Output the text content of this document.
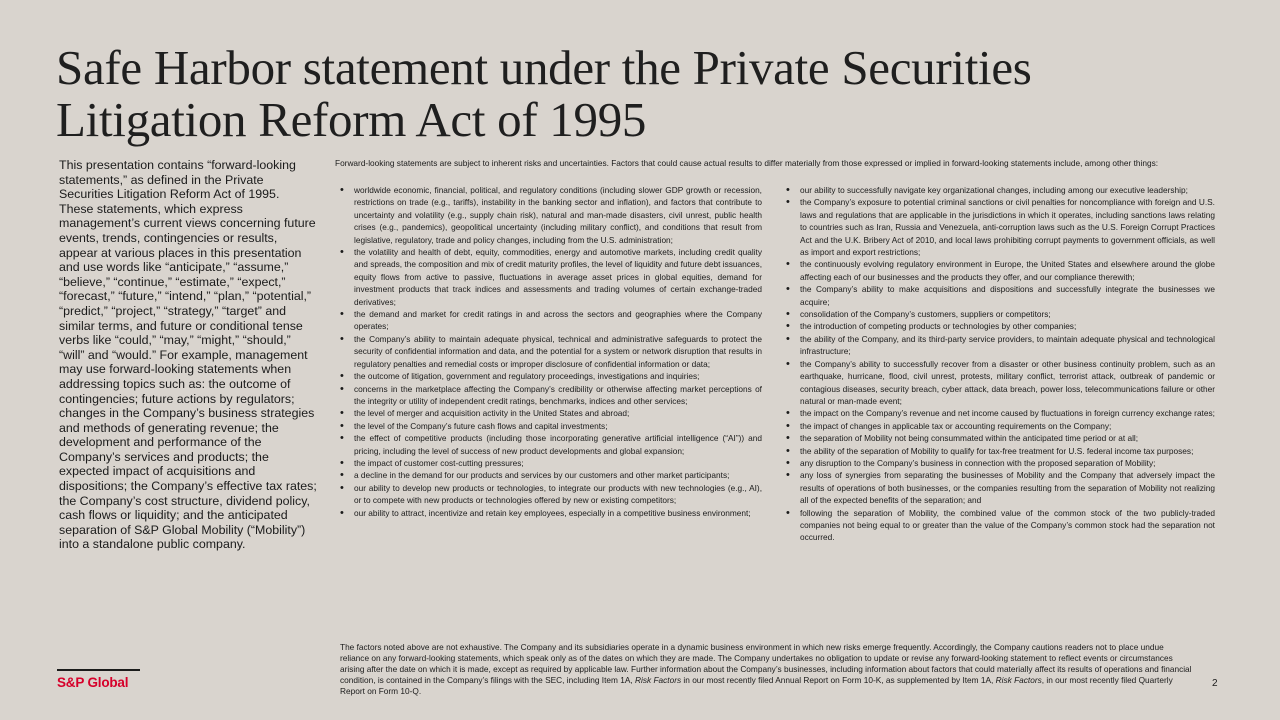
Safe Harbor statement under the Private Securities
Litigation Reform Act of 1995

This presentation contains “forward-looking statements,” as defined in the Private Securities Litigation Reform Act of 1995. These statements, which express management’s current views concerning future events, trends, contingencies or results, appear at various places in this presentation and use words like “anticipate,” “assume,” “believe,” “continue,” “estimate,” “expect,” “forecast,” “future,” “intend,” “plan,” “potential,” “predict,” “project,” “strategy,” “target” and similar terms, and future or conditional tense verbs like “could,” “may,” “might,” “should,” “will” and “would.” For example, management may use forward-looking statements when addressing topics such as: the outcome of contingencies; future actions by regulators; changes in the Company’s business strategies and methods of generating revenue; the development and performance of the Company’s services and products; the expected impact of acquisitions and dispositions; the Company’s effective tax rates; the Company’s cost structure, dividend policy, cash flows or liquidity; and the anticipated separation of S&P Global Mobility (“Mobility”) into a standalone public company.

Forward-looking statements are subject to inherent risks and uncertainties. Factors that could cause actual results to differ materially from those expressed or implied in forward-looking statements include, among other things:

• worldwide economic, financial, political, and regulatory conditions (including slower GDP growth or recession, restrictions on trade (e.g., tariffs), instability in the banking sector and inflation), and factors that contribute to uncertainty and volatility (e.g., supply chain risk), natural and man-made disasters, civil unrest, public health crises (e.g., pandemics), geopolitical uncertainty (including military conflict), and conditions that result from legislative, regulatory, trade and policy changes, including from the U.S. administration;
• the volatility and health of debt, equity, commodities, energy and automotive markets, including credit quality and spreads, the composition and mix of credit maturity profiles, the level of liquidity and future debt issuances, equity flows from active to passive, fluctuations in average asset prices in global equities, demand for investment products that track indices and assessments and trading volumes of certain exchange-traded derivatives;
• the demand and market for credit ratings in and across the sectors and geographies where the Company operates;
• the Company’s ability to maintain adequate physical, technical and administrative safeguards to protect the security of confidential information and data, and the potential for a system or network disruption that results in regulatory penalties and remedial costs or improper disclosure of confidential information or data;
• the outcome of litigation, government and regulatory proceedings, investigations and inquiries;
• concerns in the marketplace affecting the Company’s credibility or otherwise affecting market perceptions of the integrity or utility of independent credit ratings, benchmarks, indices and other services;
• the level of merger and acquisition activity in the United States and abroad;
• the level of the Company’s future cash flows and capital investments;
• the effect of competitive products (including those incorporating generative artificial intelligence (“AI”)) and pricing, including the level of success of new product developments and global expansion;
• the impact of customer cost-cutting pressures;
• a decline in the demand for our products and services by our customers and other market participants;
• our ability to develop new products or technologies, to integrate our products with new technologies (e.g., AI), or to compete with new products or technologies offered by new or existing competitors;
• our ability to attract, incentivize and retain key employees, especially in a competitive business environment;
• our ability to successfully navigate key organizational changes, including among our executive leadership;
• the Company’s exposure to potential criminal sanctions or civil penalties for noncompliance with foreign and U.S. laws and regulations that are applicable in the jurisdictions in which it operates, including sanctions laws relating to countries such as Iran, Russia and Venezuela, anti-corruption laws such as the U.S. Foreign Corrupt Practices Act and the U.K. Bribery Act of 2010, and local laws prohibiting corrupt payments to government officials, as well as import and export restrictions;
• the continuously evolving regulatory environment in Europe, the United States and elsewhere around the globe affecting each of our businesses and the products they offer, and our compliance therewith;
• the Company’s ability to make acquisitions and dispositions and successfully integrate the businesses we acquire;
• consolidation of the Company’s customers, suppliers or competitors;
• the introduction of competing products or technologies by other companies;
• the ability of the Company, and its third-party service providers, to maintain adequate physical and technological infrastructure;
• the Company’s ability to successfully recover from a disaster or other business continuity problem, such as an earthquake, hurricane, flood, civil unrest, protests, military conflict, terrorist attack, outbreak of pandemic or contagious diseases, security breach, cyber attack, data breach, power loss, telecommunications failure or other natural or man-made event;
• the impact on the Company’s revenue and net income caused by fluctuations in foreign currency exchange rates;
• the impact of changes in applicable tax or accounting requirements on the Company;
• the separation of Mobility not being consummated within the anticipated time period or at all;
• the ability of the separation of Mobility to qualify for tax-free treatment for U.S. federal income tax purposes;
• any disruption to the Company’s business in connection with the proposed separation of Mobility;
• any loss of synergies from separating the businesses of Mobility and the Company that adversely impact the results of operations of both businesses, or the companies resulting from the separation of Mobility not realizing all of the expected benefits of the separation; and
• following the separation of Mobility, the combined value of the common stock of the two publicly-traded companies not being equal to or greater than the value of the Company’s common stock had the separation not occurred.

The factors noted above are not exhaustive. The Company and its subsidiaries operate in a dynamic business environment in which new risks emerge frequently. Accordingly, the Company cautions readers not to place undue reliance on any forward-looking statements, which speak only as of the dates on which they are made. The Company undertakes no obligation to update or revise any forward-looking statement to reflect events or circumstances arising after the date on which it is made, except as required by applicable law. Further information about the Company’s businesses, including information about factors that could materially affect its results of operations and financial condition, is contained in the Company’s filings with the SEC, including Item 1A, Risk Factors in our most recently filed Annual Report on Form 10-K, as supplemented by Item 1A, Risk Factors, in our most recently filed Quarterly Report on Form 10-Q.

S&P Global	2
